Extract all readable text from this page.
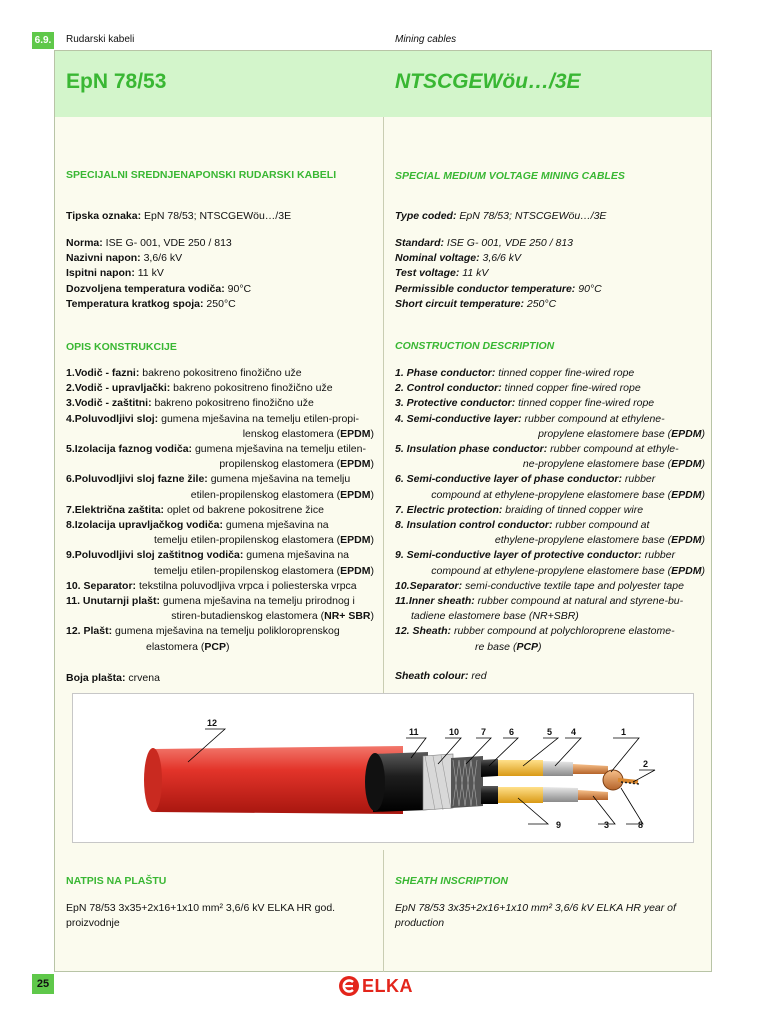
6.9. Rudarski kabeli	Mining cables
EpN 78/53	NTSCGEWöu…/3E
SPECIJALNI SREDNJENAPONSKI RUDARSKI KABELI
Tipska oznaka: EpN 78/53; NTSCGEWöu…/3E
Norma: ISE G- 001, VDE 250 / 813
Nazivni napon: 3,6/6 kV
Ispitni napon: 11 kV
Dozvoljena temperatura vodiča: 90°C
Temperatura kratkog spoja: 250°C
OPIS KONSTRUKCIJE
1.Vodič - fazni: bakreno pokositreno finožično uže
2.Vodič - upravljački: bakreno pokositreno finožično uže
3.Vodič - zaštitni: bakreno pokositreno finožično uže
4.Poluvodljivi sloj: gumena mješavina na temelju etilen-propi-
lenskog elastomera (EPDM)
5.Izolacija faznog vodiča: gumena mješavina na temelju etilen-
propilenskog elastomera (EPDM)
6.Poluvodljivi sloj fazne žile: gumena mješavina na temelju
etilen-propilenskog elastomera (EPDM)
7.Električna zaštita: oplet od bakrene pokositrene žice
8.Izolacija upravljačkog vodiča: gumena mješavina na
temelju etilen-propilenskog elastomera (EPDM)
9.Poluvodljivi sloj zaštitnog vodiča: gumena mješavina na
temelju etilen-propilenskog elastomera (EPDM)
10. Separator: tekstilna poluvodljiva vrpca i poliesterska vrpca
11. Unutarnji plašt: gumena mješavina na temelju prirodnog i
stiren-butadienskog elastomera (NR+ SBR)
12. Plašt: gumena mješavina na temelju polikloroprenskog
elastomera (PCP)
Boja plašta: crvena
SPECIAL MEDIUM VOLTAGE MINING CABLES
Type coded: EpN 78/53; NTSCGEWöu…/3E
Standard: ISE G- 001, VDE 250 / 813
Nominal voltage: 3,6/6 kV
Test voltage: 11 kV
Permissible conductor temperature: 90°C
Short circuit temperature: 250°C
CONSTRUCTION DESCRIPTION
1. Phase conductor: tinned copper fine-wired rope
2. Control conductor: tinned copper fine-wired rope
3. Protective conductor: tinned copper fine-wired rope
4. Semi-conductive layer: rubber compound at ethylene-
propylene elastomere base (EPDM)
5. Insulation phase conductor: rubber compound at ethyle-
ne-propylene elastomere base (EPDM)
6. Semi-conductive layer of phase conductor: rubber
compound at ethylene-propylene elastomere base (EPDM)
7. Electric protection: braiding of tinned copper wire
8. Insulation control conductor: rubber compound at
ethylene-propylene elastomere base (EPDM)
9. Semi-conductive layer of protective conductor: rubber
compound at ethylene-propylene elastomere base (EPDM)
10.Separator: semi-conductive textile tape and polyester tape
11.Inner sheath: rubber compound at natural and styrene-bu-
tadiene elastomere base (NR+SBR)
12. Sheath: rubber compound at polychloroprene elastome-
re base (PCP)
Sheath colour: red
12
11	10 7	6	5 4	1
2
9	3	8
NATPIS NA PLAŠTU
EpN 78/53 3x35+2x16+1x10 mm² 3,6/6 kV ELKA HR god.
proizvodnje
SHEATH INSCRIPTION
EpN 78/53 3x35+2x16+1x10 mm² 3,6/6 kV ELKA HR year of
production
25	ELKA
